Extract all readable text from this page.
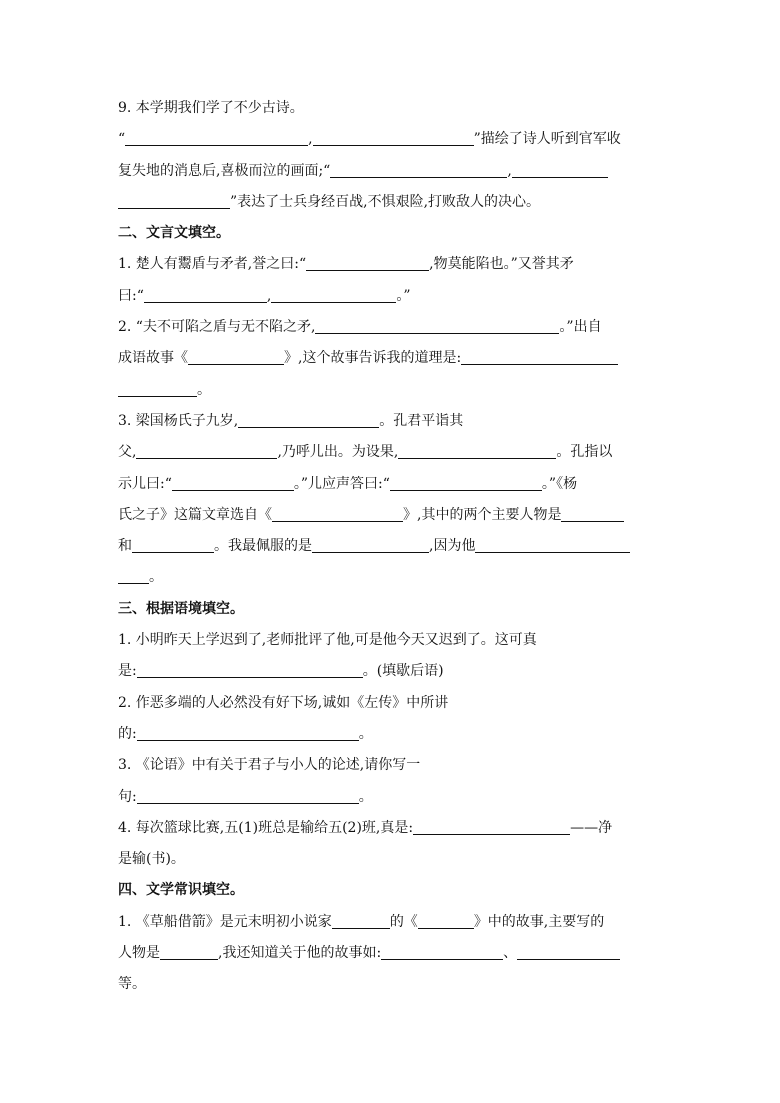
9. 本学期我们学了不少古诗。
“	,	”描绘了诗人听到官军收
复失地的消息后,喜极而泣的画面;“	,
”表达了士兵身经百战,不惧艰险,打败敌人的决心。
二、文言文填空。
1. 楚人有鬻盾与矛者,誉之曰:“	,物莫能陷也。”又誉其矛
曰:“	,	。”
2. “夫不可陷之盾与无不陷之矛,	。”出自
成语故事《	》,这个故事告诉我的道理是:
。
3. 梁国杨氏子九岁,	。孔君平诣其
父,	,乃呼儿出。为设果,	。孔指以
示儿曰:“	。”儿应声答曰:“	。”《杨
氏之子》这篇文章选自《	》,其中的两个主要人物是
和	。我最佩服的是	,因为他
。
三、根据语境填空。
1. 小明昨天上学迟到了,老师批评了他,可是他今天又迟到了。这可真
是:	。(填歇后语)
2. 作恶多端的人必然没有好下场,诚如《左传》中所讲
的:	。
3. 《论语》中有关于君子与小人的论述,请你写一
句:	。
4. 每次篮球比赛,五(1)班总是输给五(2)班,真是:	——净
是输(书)。
四、文学常识填空。
1. 《草船借箭》是元末明初小说家	的《	》中的故事,主要写的
人物是	,我还知道关于他的故事如:	、
等。
